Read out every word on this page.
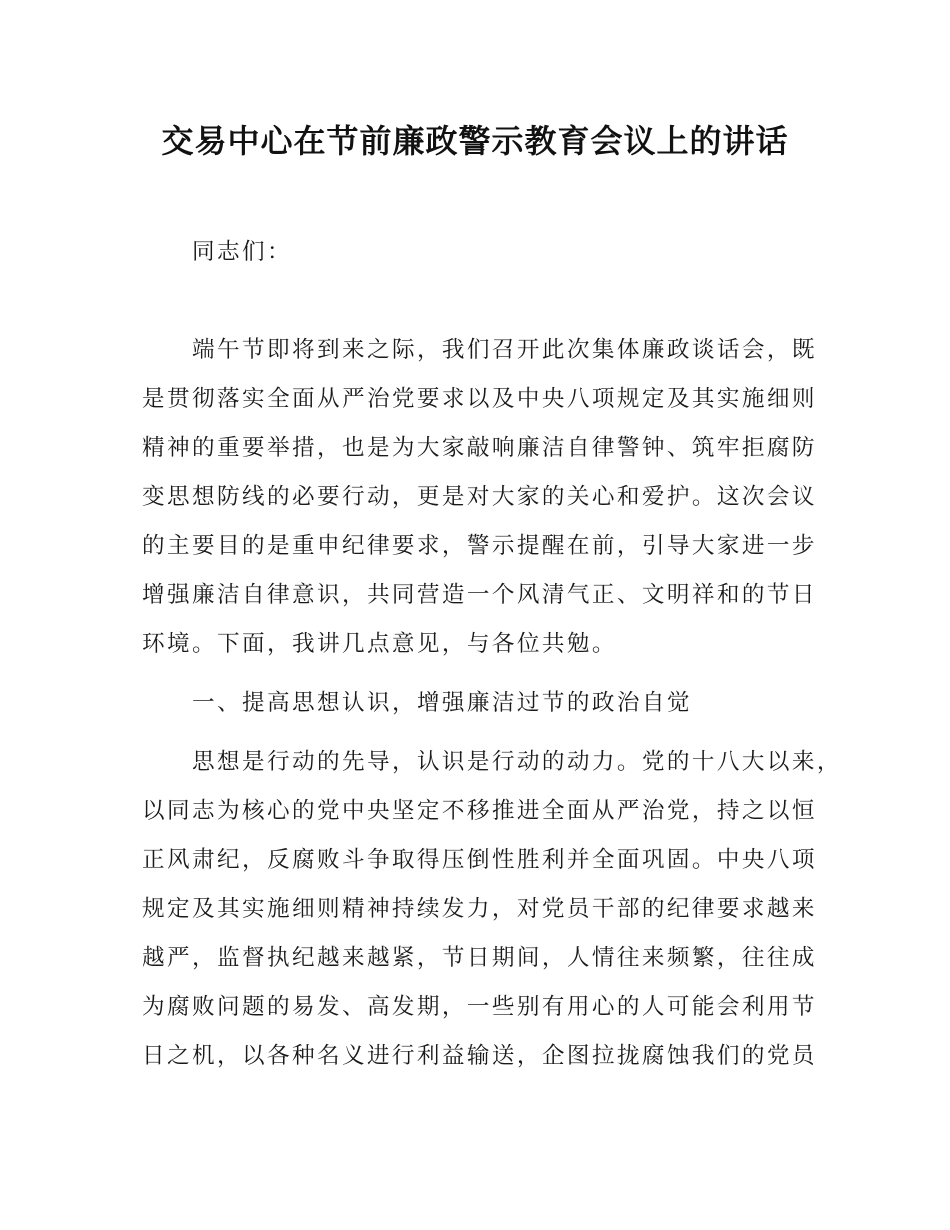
交易中心在节前廉政警示教育会议上的讲话
同志们：
端午节即将到来之际，我们召开此次集体廉政谈话会，既
是贯彻落实全面从严治党要求以及中央八项规定及其实施细则
精神的重要举措，也是为大家敲响廉洁自律警钟、筑牢拒腐防
变思想防线的必要行动，更是对大家的关心和爱护。这次会议
的主要目的是重申纪律要求，警示提醒在前，引导大家进一步
增强廉洁自律意识，共同营造一个风清气正、文明祥和的节日
环境。下面，我讲几点意见，与各位共勉。
一、提高思想认识，增强廉洁过节的政治自觉
思想是行动的先导，认识是行动的动力。党的十八大以来，
以同志为核心的党中央坚定不移推进全面从严治党，持之以恒
正风肃纪，反腐败斗争取得压倒性胜利并全面巩固。中央八项
规定及其实施细则精神持续发力，对党员干部的纪律要求越来
越严，监督执纪越来越紧，节日期间，人情往来频繁，往往成
为腐败问题的易发、高发期，一些别有用心的人可能会利用节
日之机，以各种名义进行利益输送，企图拉拢腐蚀我们的党员
